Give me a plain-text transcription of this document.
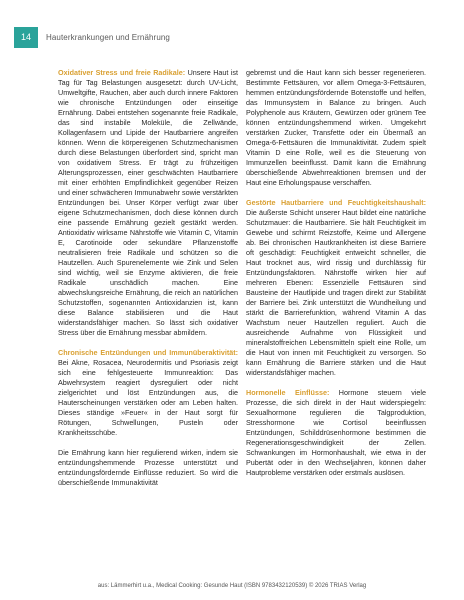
14	Hauterkrankungen und Ernährung

Oxidativer Stress und freie Radikale: Unsere Haut ist Tag für Tag Belastungen ausgesetzt: durch UV-Licht, Umweltgifte, Rauchen, aber auch durch innere Faktoren wie chronische Entzündungen oder einseitige Ernährung. Dabei entstehen sogenannte freie Radikale, das sind instabile Moleküle, die Zellwände, Kollagenfasern und Lipide der Hautbarriere angreifen können. Wenn die körpereigenen Schutzmechanismen durch diese Belastungen überfordert sind, spricht man von oxidativem Stress. Er trägt zu frühzeitigen Alterungsprozessen, einer geschwächten Hautbarriere mit einer erhöhten Empfindlichkeit gegenüber Reizen und einer schwächeren Immunabwehr sowie verstärkten Entzündungen bei. Unser Körper verfügt zwar über eigene Schutzmechanismen, doch diese können durch eine passende Ernährung gezielt gestärkt werden. Antioxidativ wirksame Nährstoffe wie Vitamin C, Vitamin E, Carotinoide oder sekundäre Pflanzenstoffe neutralisieren freie Radikale und schützen so die Hautzellen. Auch Spurenelemente wie Zink und Selen sind wichtig, weil sie Enzyme aktivieren, die freie Radikale unschädlich machen. Eine abwechslungsreiche Ernährung, die reich an natürlichen Schutzstoffen, sogenannten Antioxidanzien ist, kann diese Balance stabilisieren und die Haut widerstandsfähiger machen. So lässt sich oxidativer Stress über die Ernährung messbar abmildern.

Chronische Entzündungen und Immunüberaktivität: Bei Akne, Rosacea, Neurodermitis und Psoriasis zeigt sich eine fehlgesteuerte Immunreaktion: Das Abwehrsystem reagiert dysreguliert oder nicht zielgerichtet und löst Entzündungen aus, die Hauterscheinungen verstärken oder am Leben halten. Dieses ständige »Feuer« in der Haut sorgt für Rötungen, Schwellungen, Pusteln oder Krankheitsschübe.

Die Ernährung kann hier regulierend wirken, indem sie entzündungshemmende Prozesse unterstützt und entzündungsfördernde Einflüsse reduziert. So wird die überschießende Immunaktivität

gebremst und die Haut kann sich besser regenerieren. Bestimmte Fettsäuren, vor allem Omega-3-Fettsäuren, hemmen entzündungsfördernde Botenstoffe und helfen, das Immunsystem in Balance zu bringen. Auch Polyphenole aus Kräutern, Gewürzen oder grünem Tee können entzündungshemmend wirken. Umgekehrt verstärken Zucker, Transfette oder ein Übermaß an Omega-6-Fettsäuren die Immunaktivität. Zudem spielt Vitamin D eine Rolle, weil es die Steuerung von Immunzellen beeinflusst. Damit kann die Ernährung überschießende Abwehrreaktionen bremsen und der Haut eine Erholungspause verschaffen.

Gestörte Hautbarriere und Feuchtigkeitshaushalt: Die äußerste Schicht unserer Haut bildet eine natürliche Schutzmauer: die Hautbarriere. Sie hält Feuchtigkeit im Gewebe und schirmt Reizstoffe, Keime und Allergene ab. Bei chronischen Hautkrankheiten ist diese Barriere oft geschädigt: Feuchtigkeit entweicht schneller, die Haut trocknet aus, wird rissig und durchlässig für Entzündungsfaktoren. Nährstoffe wirken hier auf mehreren Ebenen: Essenzielle Fettsäuren sind Bausteine der Hautlipide und tragen direkt zur Stabilität der Barriere bei. Zink unterstützt die Wundheilung und stärkt die Barrierefunktion, während Vitamin A das Wachstum neuer Hautzellen reguliert. Auch die ausreichende Aufnahme von Flüssigkeit und mineralstoffreichen Lebensmitteln spielt eine Rolle, um die Haut von innen mit Feuchtigkeit zu versorgen. So kann Ernährung die Barriere stärken und die Haut widerstandsfähiger machen.

Hormonelle Einflüsse: Hormone steuern viele Prozesse, die sich direkt in der Haut widerspiegeln: Sexualhormone regulieren die Talgproduktion, Stresshormone wie Cortisol beeinflussen Entzündungen, Schilddrüsenhormone bestimmen die Regenerationsgeschwindigkeit der Zellen. Schwankungen im Hormonhaushalt, wie etwa in der Pubertät oder in den Wechseljahren, können daher Hautprobleme verstärken oder erstmals auslösen.

aus: Lämmerhirt u.a., Medical Cooking: Gesunde Haut (ISBN 9783432120539) © 2026 TRIAS Verlag
